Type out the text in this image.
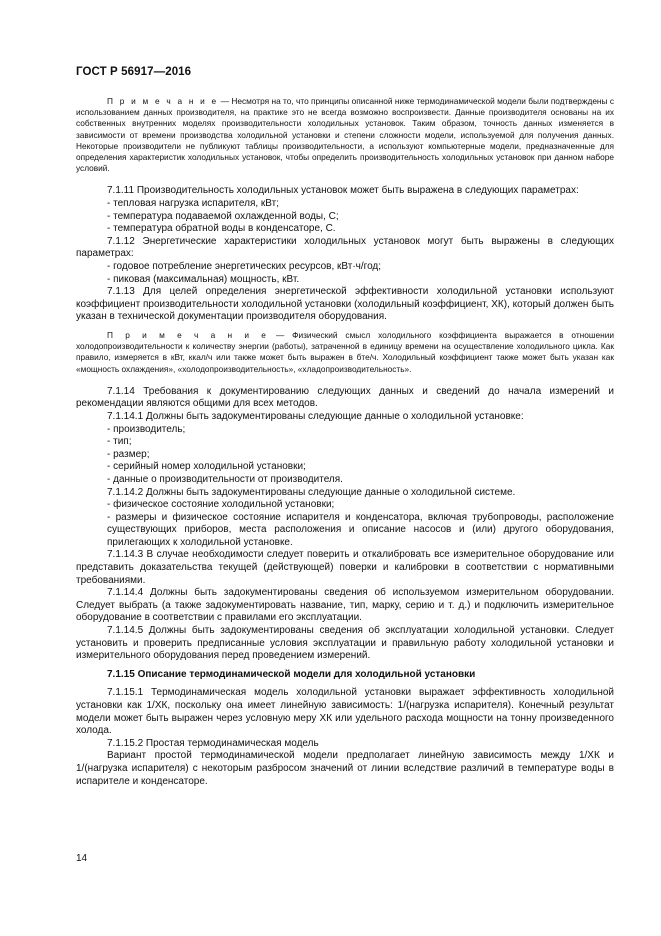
ГОСТ Р 56917—2016

П р и м е ч а н и е — Несмотря на то, что принципы описанной ниже термодинамической модели были подтверждены с использованием данных производителя, на практике это не всегда возможно воспроизвести. Данные производителя основаны на их собственных внутренних моделях производительности холодильных установок. Таким образом, точность данных изменяется в зависимости от времени производства холодильной установки и степени сложности модели, используемой для получения данных. Некоторые производители не публикуют таблицы производительности, а используют компьютерные модели, предназначенные для определения характеристик холодильных установок, чтобы определить производительность холодильных установок при данном наборе условий.

7.1.11 Производительность холодильных установок может быть выражена в следующих параметрах:

- тепловая нагрузка испарителя, кВт;

- температура подаваемой охлажденной воды, С;

- температура обратной воды в конденсаторе, С.

7.1.12 Энергетические характеристики холодильных установок могут быть выражены в следующих параметрах:

- годовое потребление энергетических ресурсов, кВт·ч/год;

- пиковая (максимальная) мощность, кВт.

7.1.13 Для целей определения энергетической эффективности холодильной установки используют коэффициент производительности холодильной установки (холодильный коэффициент, ХК), который должен быть указан в технической документации производителя оборудования.

П р и м е ч а н и е — Физический смысл холодильного коэффициента выражается в отношении холодопроизводительности к количеству энергии (работы), затраченной в единицу времени на осуществление холодильного цикла. Как правило, измеряется в кВт, ккал/ч или также может быть выражен в бте/ч. Холодильный коэффициент также может быть указан как «мощность охлаждения», «холодопроизводительность», «хладопроизводительность».

7.1.14 Требования к документированию следующих данных и сведений до начала измерений и рекомендации являются общими для всех методов.

7.1.14.1 Должны быть задокументированы следующие данные о холодильной установке:

- производитель;

- тип;

- размер;

- серийный номер холодильной установки;

- данные о производительности от производителя.

7.1.14.2 Должны быть задокументированы следующие данные о холодильной системе.

- физическое состояние холодильной установки;

- размеры и физическое состояние испарителя и конденсатора, включая трубопроводы, расположение существующих приборов, места расположения и описание насосов и (или) другого оборудования, прилегающих к холодильной установке.

7.1.14.3 В случае необходимости следует поверить и откалибровать все измерительное оборудование или представить доказательства текущей (действующей) поверки и калибровки в соответствии с нормативными требованиями.

7.1.14.4 Должны быть задокументированы сведения об используемом измерительном оборудовании. Следует выбрать (а также задокументировать название, тип, марку, серию и т. д.) и подключить измерительное оборудование в соответствии с правилами его эксплуатации.

7.1.14.5 Должны быть задокументированы сведения об эксплуатации холодильной установки. Следует установить и проверить предписанные условия эксплуатации и правильную работу холодильной установки и измерительного оборудования перед проведением измерений.

7.1.15 Описание термодинамической модели для холодильной установки

7.1.15.1 Термодинамическая модель холодильной установки выражает эффективность холодильной установки как 1/ХК, поскольку она имеет линейную зависимость: 1/(нагрузка испарителя). Конечный результат модели может быть выражен через условную меру ХК или удельного расхода мощности на тонну произведенного холода.

7.1.15.2 Простая термодинамическая модель

Вариант простой термодинамической модели предполагает линейную зависимость между 1/ХК и 1/(нагрузка испарителя) с некоторым разбросом значений от линии вследствие различий в температуре воды в испарителе и конденсаторе.

14
